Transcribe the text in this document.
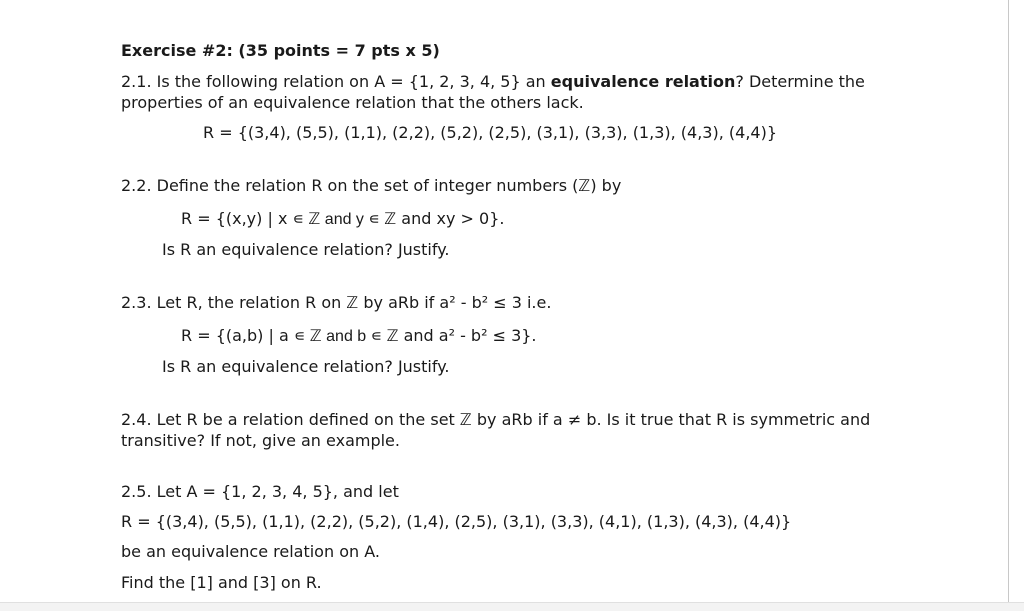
Exercise #2: (35 points = 7 pts x 5)
2.1. Is the following relation on A = {1, 2, 3, 4, 5} an equivalence relation? Determine the
properties of an equivalence relation that the others lack.
R = {(3,4), (5,5), (1,1), (2,2), (5,2), (2,5), (3,1), (3,3), (1,3), (4,3), (4,4)}
2.2. Define the relation R on the set of integer numbers (ℤ) by
R = {(x,y) | x ∊ ℤ and y ∊ ℤ and xy > 0}.
Is R an equivalence relation? Justify.
2.3. Let R, the relation R on ℤ by aRb if a² - b² ≤ 3 i.e.
R = {(a,b) | a ∊ ℤ and b ∊ ℤ and a² - b² ≤ 3}.
Is R an equivalence relation? Justify.
2.4. Let R be a relation defined on the set ℤ by aRb if a ≠ b. Is it true that R is symmetric and
transitive? If not, give an example.
2.5. Let A = {1, 2, 3, 4, 5}, and let
R = {(3,4), (5,5), (1,1), (2,2), (5,2), (1,4), (2,5), (3,1), (3,3), (4,1), (1,3), (4,3), (4,4)}
be an equivalence relation on A.
Find the [1] and [3] on R.
